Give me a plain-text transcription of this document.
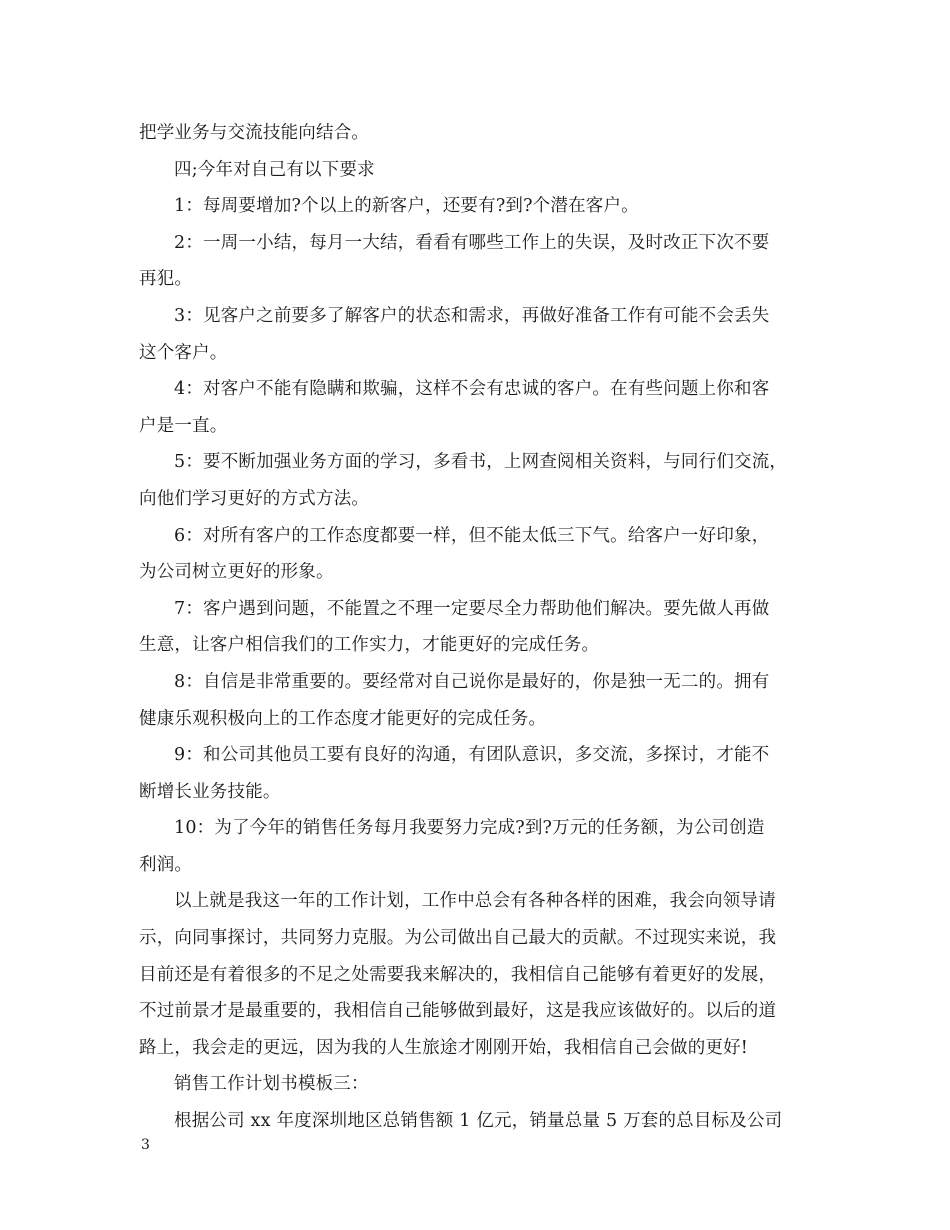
把学业务与交流技能向结合。
四;今年对自己有以下要求
1：每周要增加?个以上的新客户，还要有?到?个潜在客户。
2：一周一小结，每月一大结，看看有哪些工作上的失误，及时改正下次不要
再犯。
3：见客户之前要多了解客户的状态和需求，再做好准备工作有可能不会丢失
这个客户。
4：对客户不能有隐瞒和欺骗，这样不会有忠诚的客户。在有些问题上你和客
户是一直。
5：要不断加强业务方面的学习，多看书，上网查阅相关资料，与同行们交流，
向他们学习更好的方式方法。
6：对所有客户的工作态度都要一样，但不能太低三下气。给客户一好印象，
为公司树立更好的形象。
7：客户遇到问题，不能置之不理一定要尽全力帮助他们解决。要先做人再做
生意，让客户相信我们的工作实力，才能更好的完成任务。
8：自信是非常重要的。要经常对自己说你是最好的，你是独一无二的。拥有
健康乐观积极向上的工作态度才能更好的完成任务。
9：和公司其他员工要有良好的沟通，有团队意识，多交流，多探讨，才能不
断增长业务技能。
10：为了今年的销售任务每月我要努力完成?到?万元的任务额，为公司创造
利润。
以上就是我这一年的工作计划，工作中总会有各种各样的困难，我会向领导请
示，向同事探讨，共同努力克服。为公司做出自己最大的贡献。不过现实来说，我
目前还是有着很多的不足之处需要我来解决的，我相信自己能够有着更好的发展，
不过前景才是最重要的，我相信自己能够做到最好，这是我应该做好的。以后的道
路上，我会走的更远，因为我的人生旅途才刚刚开始，我相信自己会做的更好!
销售工作计划书模板三：
根据公司 xx 年度深圳地区总销售额 1 亿元，销量总量 5 万套的总目标及公司
3
